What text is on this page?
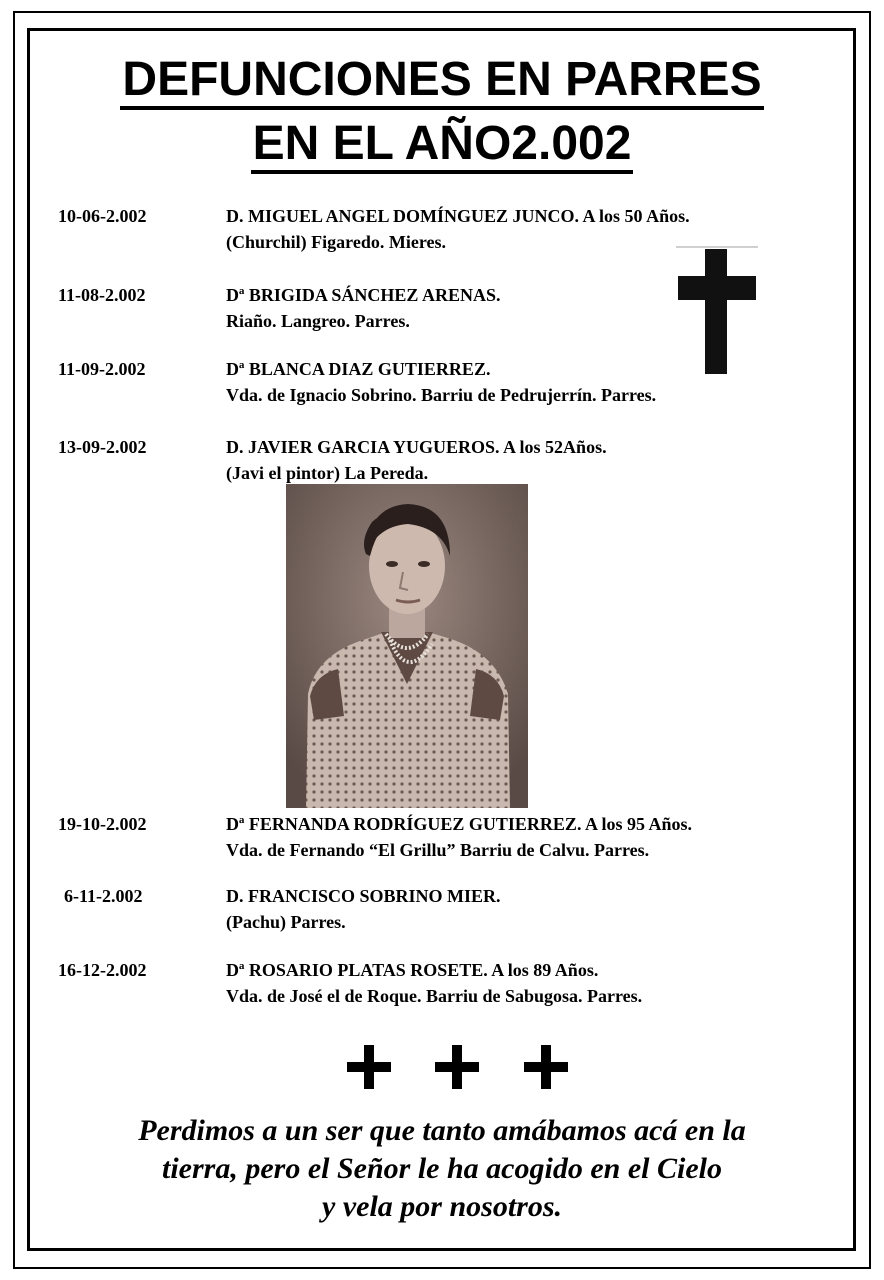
DEFUNCIONES EN PARRES
EN EL AÑO2.002
10-06-2.002	D. MIGUEL ANGEL DOMÍNGUEZ JUNCO. A los 50 Años.
(Churchil) Figaredo. Mieres.
11-08-2.002	Dª BRIGIDA SÁNCHEZ ARENAS.
Riaño. Langreo. Parres.
11-09-2.002	Dª BLANCA DIAZ GUTIERREZ.
Vda. de Ignacio Sobrino. Barriu de Pedrujerrín. Parres.
13-09-2.002	D. JAVIER GARCIA YUGUEROS. A los 52Años.
(Javi el pintor) La Pereda.
19-10-2.002	Dª FERNANDA RODRÍGUEZ GUTIERREZ. A los 95 Años.
Vda. de Fernando “El Grillu” Barriu de Calvu. Parres.
6-11-2.002	D. FRANCISCO SOBRINO MIER.
(Pachu) Parres.
16-12-2.002	Dª ROSARIO PLATAS ROSETE. A los 89 Años.
Vda. de José el de Roque. Barriu de Sabugosa. Parres.
Perdimos a un ser que tanto amábamos acá en la
tierra, pero el Señor le ha acogido en el Cielo
y vela por nosotros.
